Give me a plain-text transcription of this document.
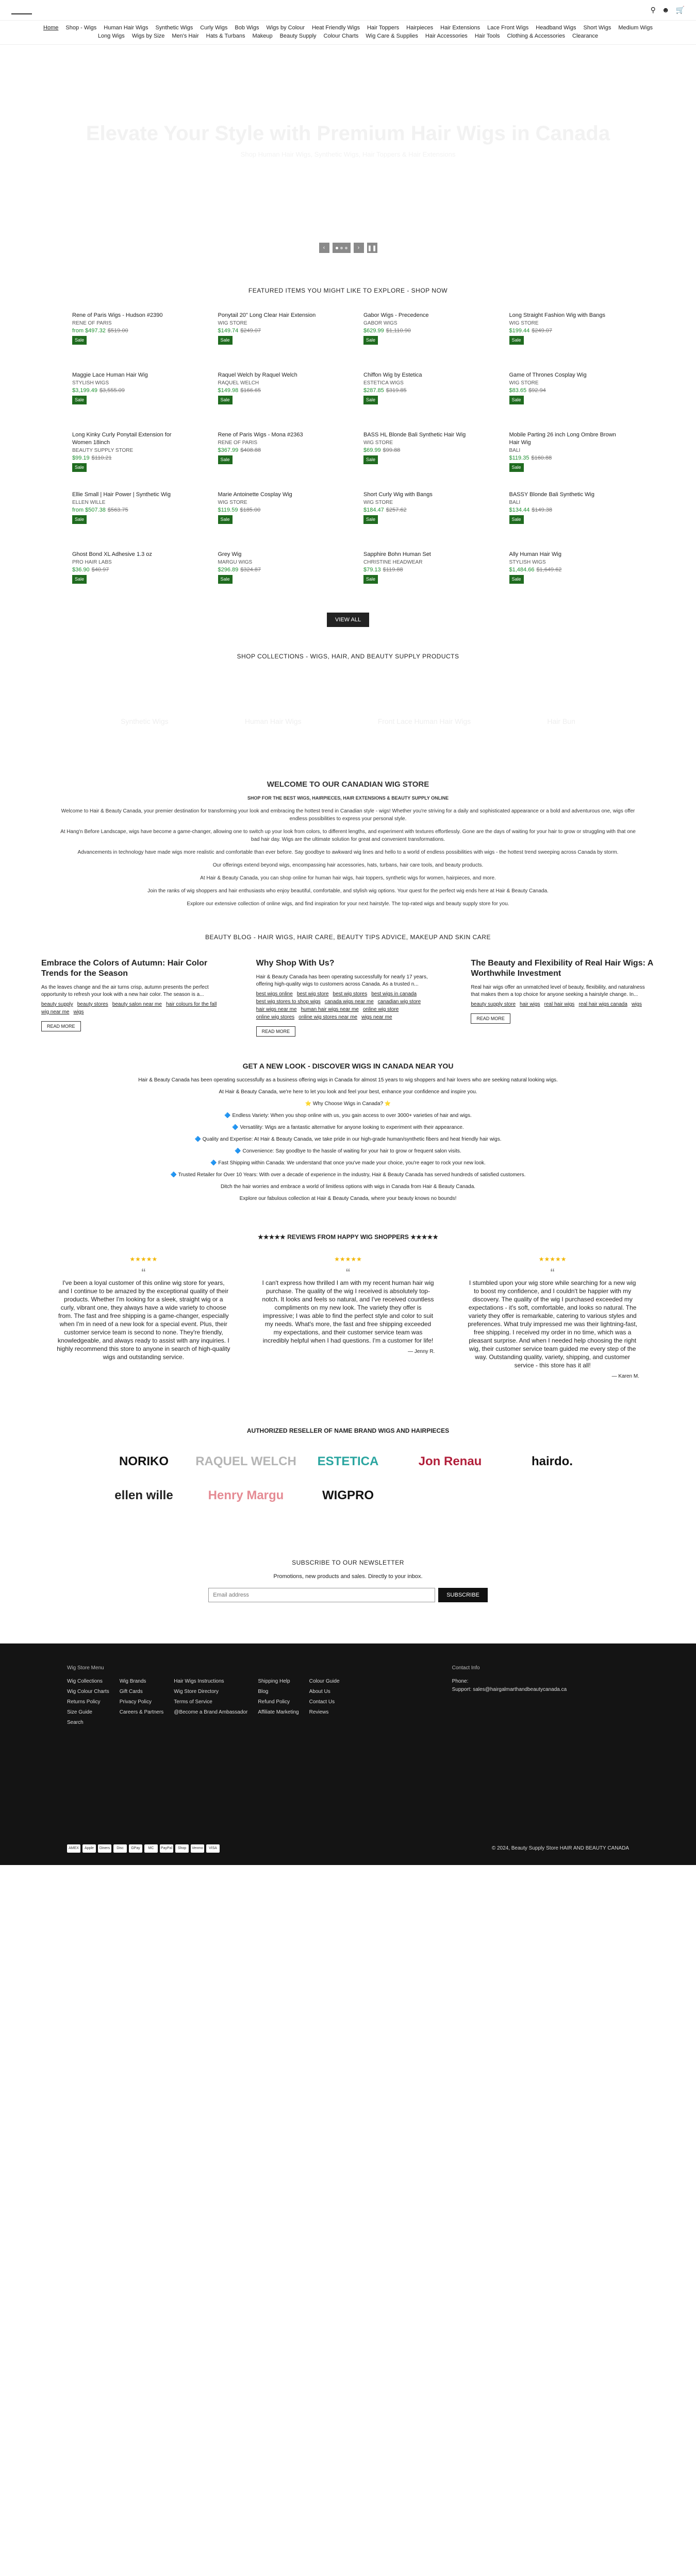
⚲ ☻ 🛒
Home Shop - Wigs Human Hair Wigs Synthetic Wigs Curly Wigs Bob Wigs Wigs by Colour Heat Friendly Wigs Hair Toppers Hairpieces Hair Extensions Lace Front Wigs Headband Wigs Short Wigs Medium Wigs
Long Wigs Wigs by Size Men's Hair Hats & Turbans Makeup Beauty Supply Colour Charts Wig Care & Supplies Hair Accessories Hair Tools Clothing & Accessories Clearance
Elevate Your Style with Premium Hair Wigs in Canada

Shop Human Hair Wigs, Synthetic Wigs, Hair Toppers & Hair Extensions

‹	›	❚❚
FEATURED ITEMS YOU MIGHT LIKE TO EXPLORE - SHOP NOW
Rene of Paris Wigs - Hudson #2390
RENE OF PARIS
from $497.32 $519.00
Sale
Ponytail 20" Long Clear Hair Extension
WIG STORE
$149.74 $249.07
Sale
Gabor Wigs - Precedence
GABOR WIGS
$629.99 $1,110.90
Sale
Long Straight Fashion Wig with Bangs
WIG STORE
$199.44 $249.07
Sale
Maggie Lace Human Hair Wig
STYLISH WIGS
$3,199.49 $3,555.09
Sale
Raquel Welch by Raquel Welch
RAQUEL WELCH
$149.98 $166.65
Sale
Chiffon Wig by Estetica
ESTETICA WIGS
$287.85 $319.85
Sale
Game of Thrones Cosplay Wig
WIG STORE
$83.65 $92.94
Sale
Long Kinky Curly Ponytail Extension for Women 18inch
BEAUTY SUPPLY STORE
$99.19 $110.21
Sale
Rene of Paris Wigs - Mona #2363
RENE OF PARIS
$367.99 $408.88
Sale
BASS HL Blonde Bali Synthetic Hair Wig
WIG STORE
$69.99 $99.88
Sale
Mobile Parting 26 inch Long Ombre Brown Hair Wig
BALI
$119.35 $160.88
Sale
Ellie Small | Hair Power | Synthetic Wig
ELLEN WILLE
from $507.38 $563.75
Sale
Marie Antoinette Cosplay Wig
WIG STORE
$119.59 $185.00
Sale
Short Curly Wig with Bangs
WIG STORE
$184.47 $257.62
Sale
BASSY Blonde Bali Synthetic Wig
BALI
$134.44 $149.38
Sale
Ghost Bond XL Adhesive 1.3 oz
PRO HAIR LABS
$36.90 $40.97
Sale
Grey Wig
MARGU WIGS
$296.89 $324.87
Sale
Sapphire Bohn Human Set
CHRISTINE HEADWEAR
$79.13 $119.88
Sale
Ally Human Hair Wig
STYLISH WIGS
$1,484.66 $1,649.62
Sale
VIEW ALL
SHOP COLLECTIONS - WIGS, HAIR, AND BEAUTY SUPPLY PRODUCTS
Synthetic Wigs	Human Hair Wigs	Front Lace Human Hair Wigs	Hair Bun
WELCOME TO OUR CANADIAN WIG STORE
SHOP FOR THE BEST WIGS, HAIRPIECES, HAIR EXTENSIONS & BEAUTY SUPPLY ONLINE

Welcome to Hair & Beauty Canada, your premier destination for transforming your look and embracing the hottest trend in Canadian style - wigs! Whether you're striving for a daily and sophisticated appearance or a bold and adventurous one, wigs offer endless possibilities to express your personal style.

At Hang'n Before Landscape, wigs have become a game-changer, allowing one to switch up your look from colors, to different lengths, and experiment with textures effortlessly. Gone are the days of waiting for your hair to grow or struggling with that one bad hair day. Wigs are the ultimate solution for great and convenient transformations.

Advancements in technology have made wigs more realistic and comfortable than ever before. Say goodbye to awkward wig lines and hello to a world of endless possibilities with wigs - the hottest trend sweeping across Canada by storm.

Our offerings extend beyond wigs, encompassing hair accessories, hats, turbans, hair care tools, and beauty products.

At Hair & Beauty Canada, you can shop online for human hair wigs, hair toppers, synthetic wigs for women, hairpieces, and more.

Join the ranks of wig shoppers and hair enthusiasts who enjoy beautiful, comfortable, and stylish wig options. Your quest for the perfect wig ends here at Hair & Beauty Canada.

Explore our extensive collection of online wigs, and find inspiration for your next hairstyle. The top-rated wigs and beauty supply store for you.

BEAUTY BLOG - HAIR WIGS, HAIR CARE, BEAUTY TIPS ADVICE, MAKEUP AND SKIN CARE
Embrace the Colors of Autumn: Hair Color Trends for the Season

As the leaves change and the air turns crisp, autumn presents the perfect opportunity to refresh your look with a new hair color. The season is a...

beauty supply beauty stores beauty salon near me hair colours for the fall
wig near me wigs
READ MORE
Why Shop With Us?

Hair & Beauty Canada has been operating successfully for nearly 17 years, offering high-quality wigs to customers across Canada. As a trusted n...

best wigs online best wig store best wig stores best wigs in canada
best wig stores to shop wigs canada wigs near me canadian wig store
hair wigs near me human hair wigs near me online wig store
online wig stores online wig stores near me wigs near me
READ MORE
The Beauty and Flexibility of Real Hair Wigs: A Worthwhile Investment

Real hair wigs offer an unmatched level of beauty, flexibility, and naturalness that makes them a top choice for anyone seeking a hairstyle change. In...

beauty supply store hair wigs real hair wigs real hair wigs canada wigs
READ MORE
GET A NEW LOOK - DISCOVER WIGS IN CANADA NEAR YOU

Hair & Beauty Canada has been operating successfully as a business offering wigs in Canada for almost 15 years to wig shoppers and hair lovers who are seeking natural looking wigs.

At Hair & Beauty Canada, we're here to let you look and feel your best, enhance your confidence and inspire you.

⭐ Why Choose Wigs in Canada? ⭐

🔷 Endless Variety: When you shop online with us, you gain access to over 3000+ varieties of hair and wigs.

🔷 Versatility: Wigs are a fantastic alternative for anyone looking to experiment with their appearance.

🔷 Quality and Expertise: At Hair & Beauty Canada, we take pride in our high-grade human/synthetic fibers and heat friendly hair wigs.

🔷 Convenience: Say goodbye to the hassle of waiting for your hair to grow or frequent salon visits.

🔷 Fast Shipping within Canada: We understand that once you've made your choice, you're eager to rock your new look.

🔷 Trusted Retailer for Over 10 Years: With over a decade of experience in the industry, Hair & Beauty Canada has served hundreds of satisfied customers.

Ditch the hair worries and embrace a world of limitless options with wigs in Canada from Hair & Beauty Canada.

Explore our fabulous collection at Hair & Beauty Canada, where your beauty knows no bounds!

★★★★★ REVIEWS FROM HAPPY WIG SHOPPERS ★★★★★
★★★★★
“

I've been a loyal customer of this online wig store for years, and I continue to be amazed by the exceptional quality of their products. Whether I'm looking for a sleek, straight wig or a curly, vibrant one, they always have a wide variety to choose from. The fast and free shipping is a game-changer, especially when I'm in need of a new look for a special event. Plus, their customer service team is second to none. They're friendly, knowledgeable, and always ready to assist with any inquiries. I highly recommend this store to anyone in search of high-quality wigs and outstanding service.

★★★★★
“

I can't express how thrilled I am with my recent human hair wig purchase. The quality of the wig I received is absolutely top-notch. It looks and feels so natural, and I've received countless compliments on my new look. The variety they offer is impressive; I was able to find the perfect style and color to suit my needs. What's more, the fast and free shipping exceeded my expectations, and their customer service team was incredibly helpful when I had questions. I'm a customer for life!

— Jenny R.
★★★★★
“

I stumbled upon your wig store while searching for a new wig to boost my confidence, and I couldn't be happier with my discovery. The quality of the wig I purchased exceeded my expectations - it's soft, comfortable, and looks so natural. The variety they offer is remarkable, catering to various styles and preferences. What truly impressed me was their lightning-fast, free shipping. I received my order in no time, which was a pleasant surprise. And when I needed help choosing the right wig, their customer service team guided me every step of the way. Outstanding quality, variety, shipping, and customer service - this store has it all!

— Karen M.
AUTHORIZED RESELLER OF NAME BRAND WIGS AND HAIRPIECES
NORIKO RAQUEL WELCH ESTETICA	Jon Renau	hairdo.
ellen wille	Henry Margu	WIGPRO
SUBSCRIBE TO OUR NEWSLETTER

Promotions, new products and sales. Directly to your inbox.

Email address
SUBSCRIBE
Wig Store Menu
Wig Collections	Wig Brands	Hair Wigs Instructions	Shipping Help	Colour Guide
Wig Colour Charts Gift Cards	Wig Store Directory	Blog	About Us
Returns Policy	Privacy Policy	Terms of Service	Refund Policy	Contact Us
Size Guide	Careers & Partners @Become a Brand Ambassador Affiliate Marketing Reviews
Search
Contact Info
Phone:
Support: sales@hairgalmarthandbeautycanada.ca
AMEX	Apple	Diners	Disc	GPay	MC	PayPal	Shop	Venmo	VISA	© 2024, Beauty Supply Store HAIR AND BEAUTY CANADA
